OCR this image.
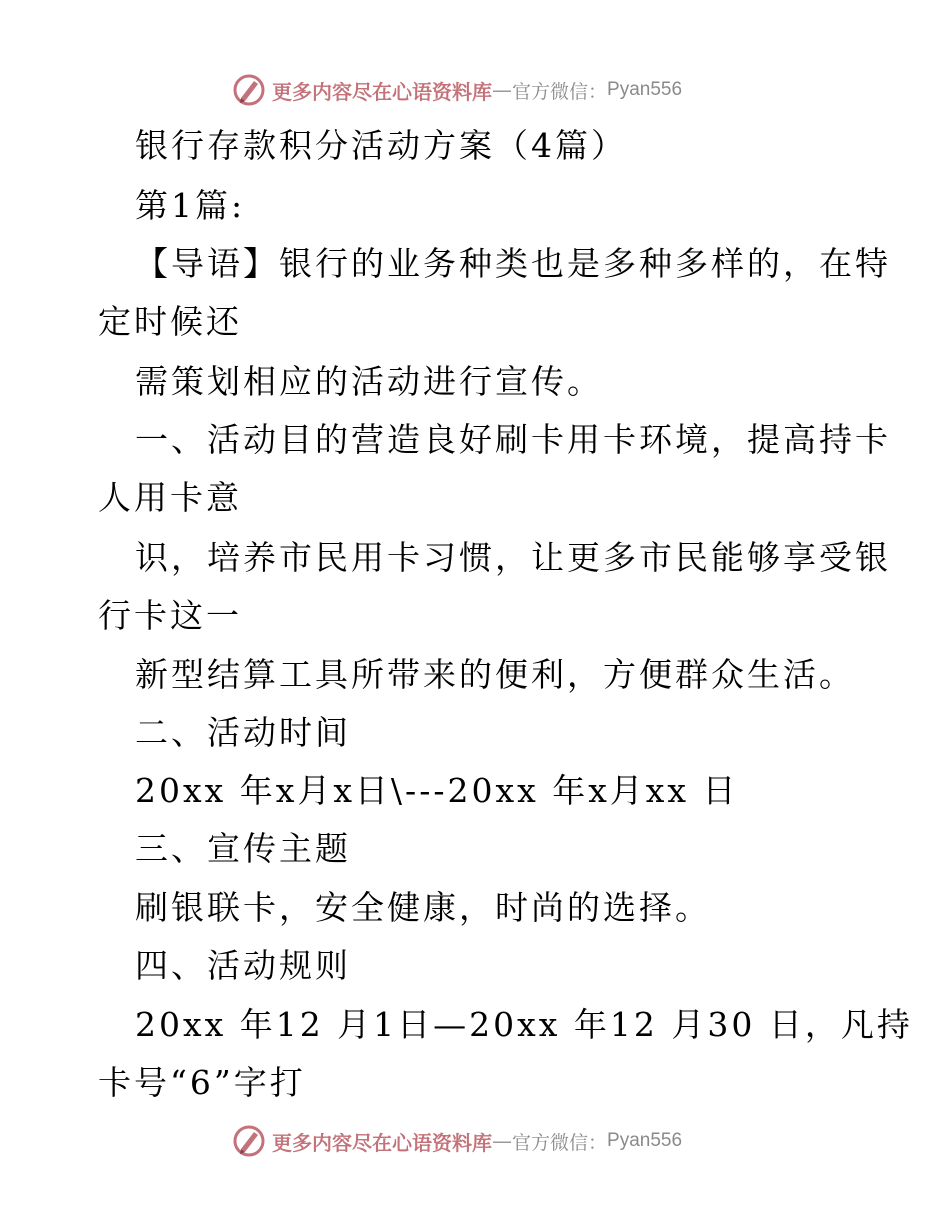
更多内容尽在心语资料库 — 官方微信： Pyan556
银行存款积分活动方案（4篇）
第1篇:
【导语】银行的业务种类也是多种多样的，在特
定时候还
需策划相应的活动进行宣传。
一、活动目的营造良好刷卡用卡环境，提高持卡
人用卡意
识，培养市民用卡习惯，让更多市民能够享受银
行卡这一
新型结算工具所带来的便利，方便群众生活。
二、活动时间
20xx 年x月x日\---20xx 年x月xx 日
三、宣传主题
刷银联卡，安全健康，时尚的选择。
四、活动规则
20xx 年12 月1日—20xx 年12 月30 日，凡持
卡号“6”字打
更多内容尽在心语资料库 — 官方微信： Pyan556
